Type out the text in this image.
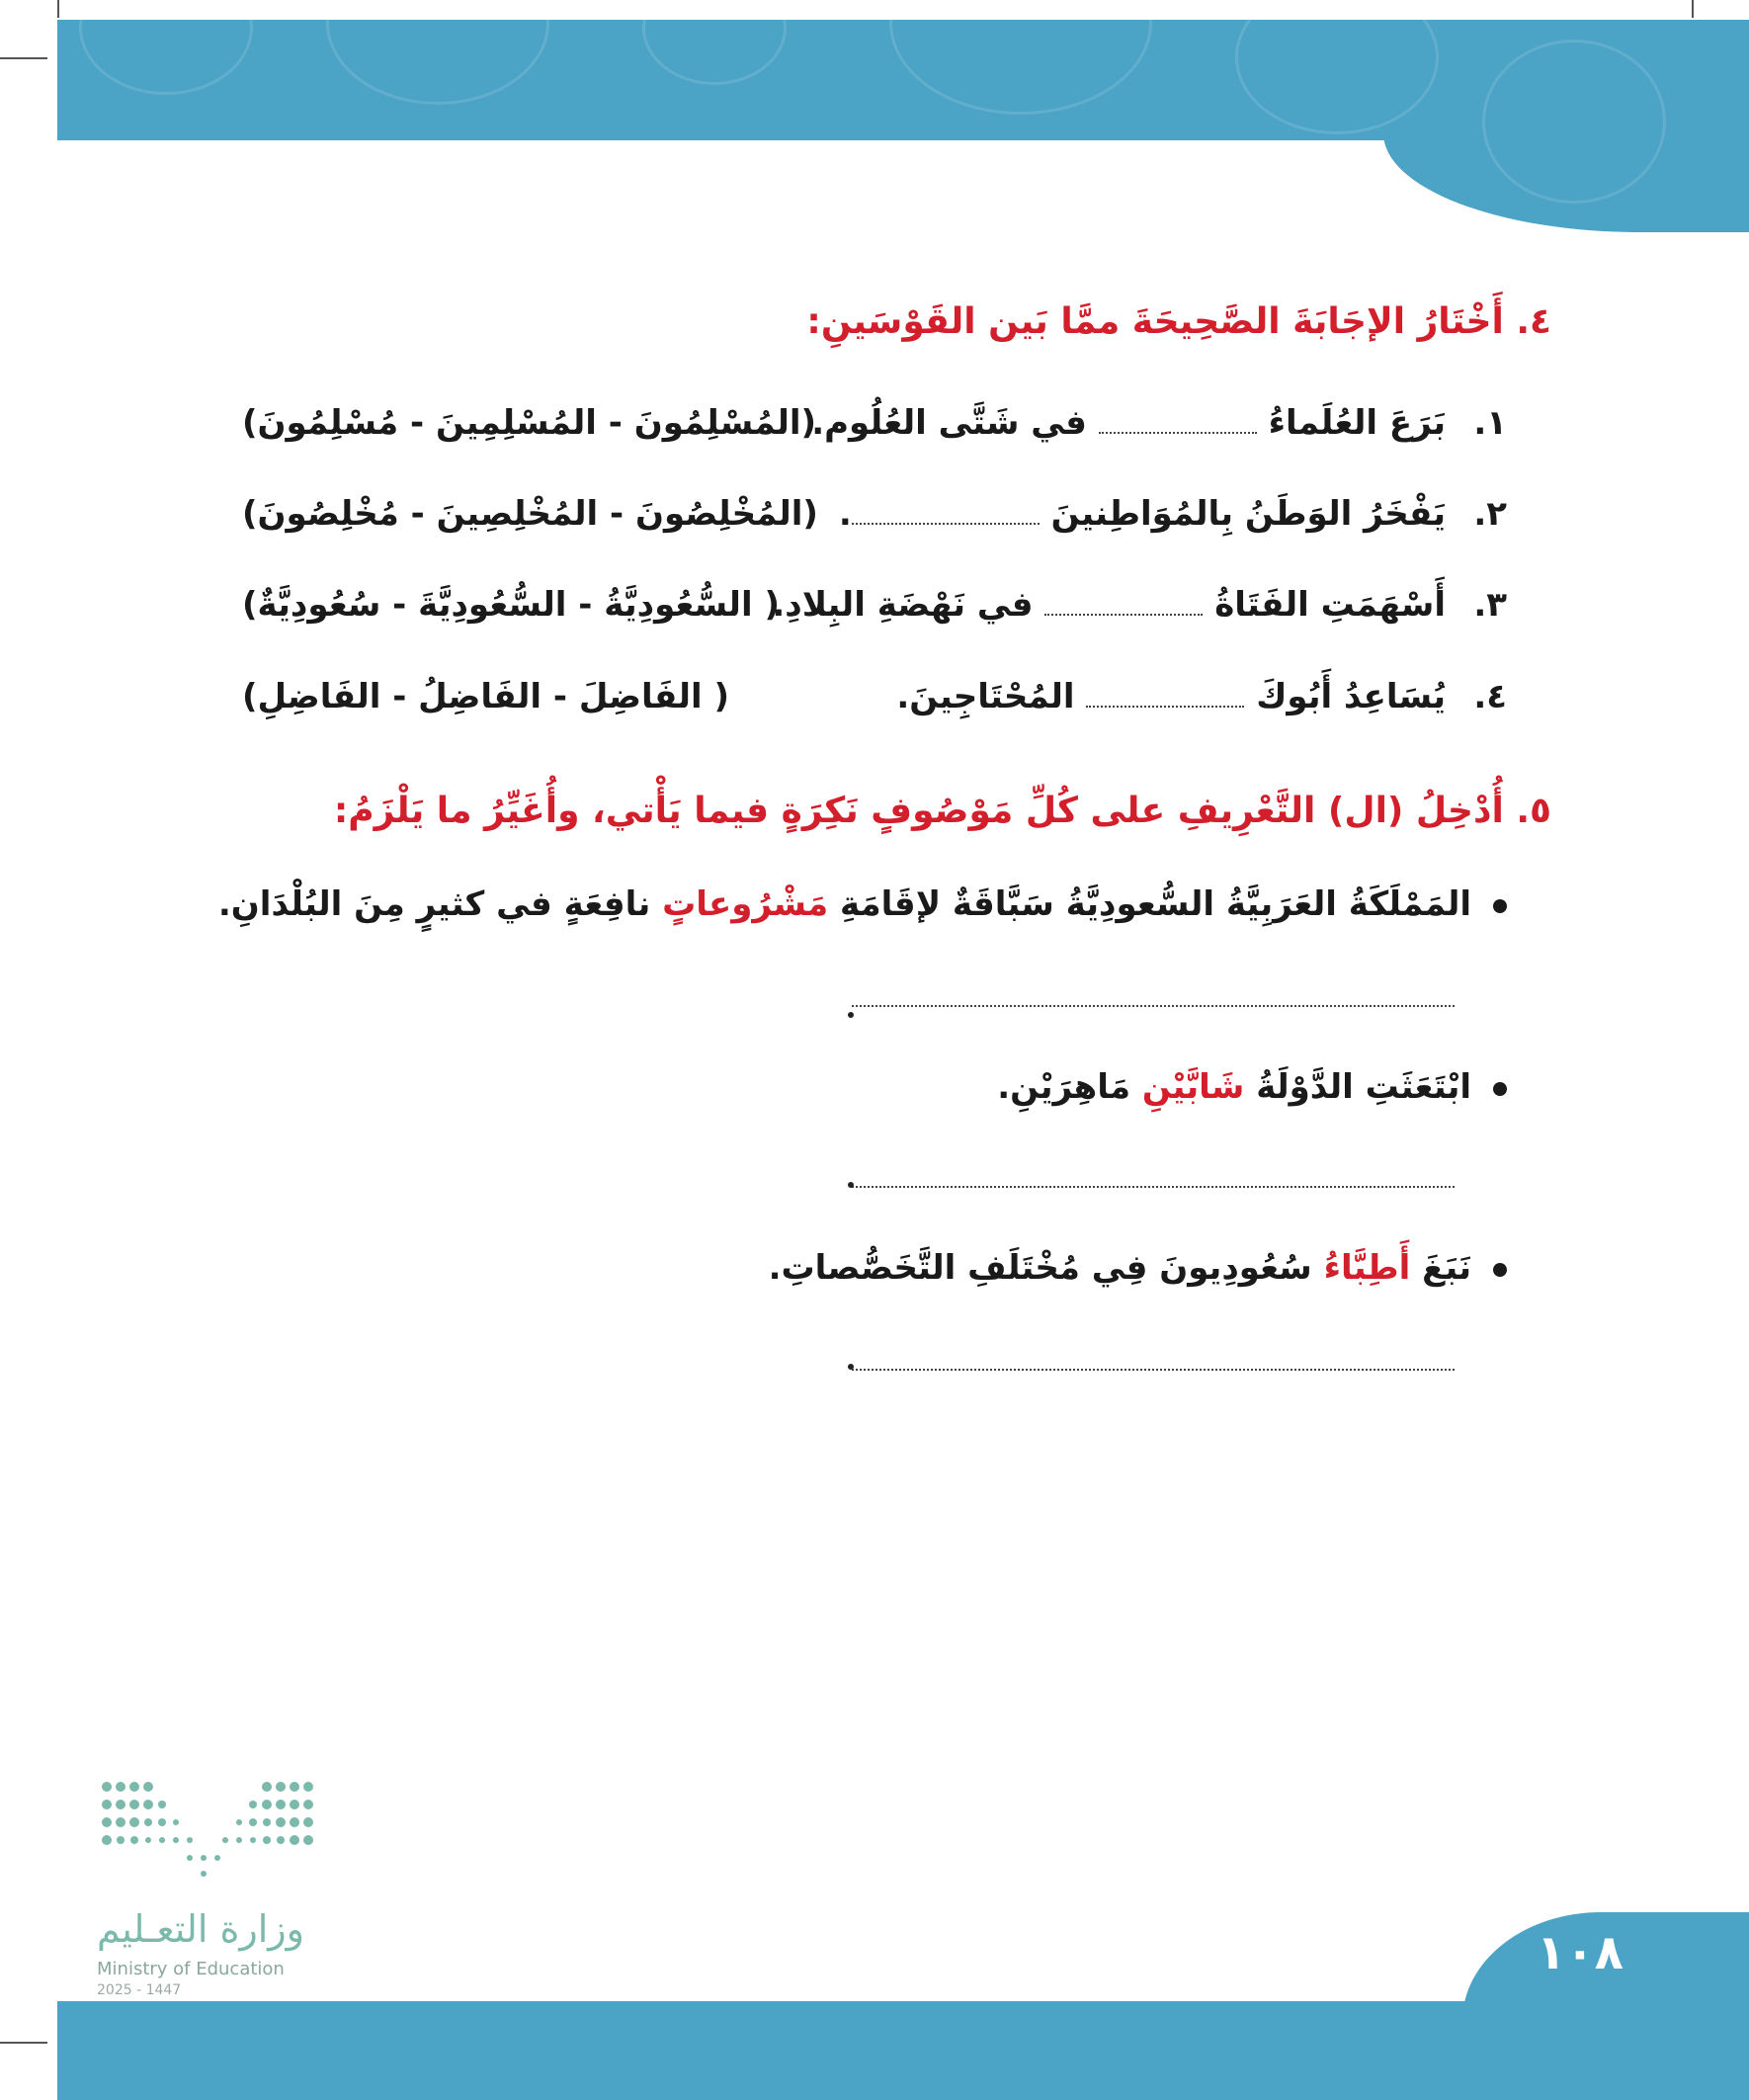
٤. أَخْتَارُ الإجَابَةَ الصَّحِيحَةَ ممَّا بَين القَوْسَينِ:
١.
بَرَعَ العُلَماءُ  في شَتَّى العُلُوم.
(المُسْلِمُونَ - المُسْلِمِينَ - مُسْلِمُونَ)
٢.
يَفْخَرُ الوَطَنُ بِالمُوَاطِنينَ .
(المُخْلِصُونَ - المُخْلِصِينَ - مُخْلِصُونَ)
٣.
أَسْهَمَتِ الفَتَاةُ  في نَهْضَةِ البِلادِ.
( السُّعُودِيَّةُ - السُّعُودِيَّةَ - سُعُودِيَّةٌ)
٤.
يُسَاعِدُ أَبُوكَ  المُحْتَاجِينَ.
( الفَاضِلَ - الفَاضِلُ - الفَاضِلِ)
٥. أُدْخِلُ (ال) التَّعْرِيفِ على كُلِّ مَوْصُوفٍ نَكِرَةٍ فيما يَأْتي، وأُغَيِّرُ ما يَلْزَمُ:
المَمْلَكَةُ العَرَبِيَّةُ السُّعودِيَّةُ سَبَّاقَةٌ لإقَامَةِ مَشْرُوعاتٍ نافِعَةٍ في كثيرٍ مِنَ البُلْدَانِ.
ابْتَعَثَتِ الدَّوْلَةُ شَابَّيْنِ مَاهِرَيْنِ.
نَبَغَ أَطِبَّاءُ سُعُودِيونَ فِي مُخْتَلَفِ التَّخَصُّصاتِ.
وزارة التعـليم
Ministry of Education
2025 - 1447
١٠٨
